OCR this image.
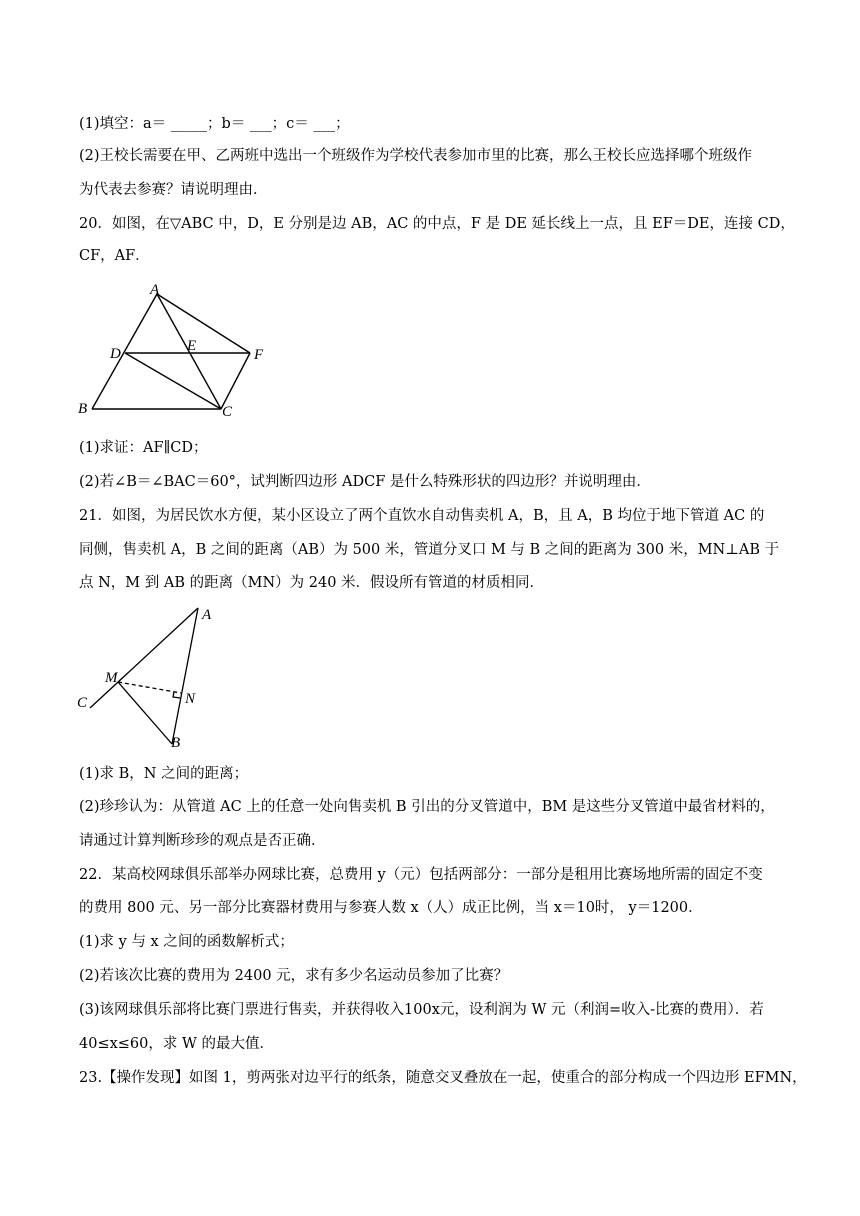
(1)填空：a＝ _____；b＝ ___；c＝ ___；
(2)王校长需要在甲、乙两班中选出一个班级作为学校代表参加市里的比赛，那么王校长应选择哪个班级作
为代表去参赛？请说明理由．
20．如图，在▽ABC 中，D，E 分别是边 AB，AC 的中点，F 是 DE 延长线上一点，且 EF＝DE，连接 CD，
CF，AF．
A
D	E
F
B	C
(1)求证：AF∥CD；
(2)若∠B＝∠BAC＝60°，试判断四边形 ADCF 是什么特殊形状的四边形？并说明理由．
21．如图，为居民饮水方便，某小区设立了两个直饮水自动售卖机 A，B，且 A，B 均位于地下管道 AC 的
同侧，售卖机 A，B 之间的距离（AB）为 500 米，管道分叉口 M 与 B 之间的距离为 300 米，MN⊥AB 于
点 N，M 到 AB 的距离（MN）为 240 米．假设所有管道的材质相同．
A
M
N
C
B
(1)求 B，N 之间的距离；
(2)珍珍认为：从管道 AC 上的任意一处向售卖机 B 引出的分叉管道中，BM 是这些分叉管道中最省材料的，
请通过计算判断珍珍的观点是否正确．
22．某高校网球俱乐部举办网球比赛，总费用 y（元）包括两部分：一部分是租用比赛场地所需的固定不变
的费用 800 元、另一部分比赛器材费用与参赛人数 x（人）成正比例，当 x＝10时， y＝1200．
(1)求 y 与 x 之间的函数解析式；
(2)若该次比赛的费用为 2400 元，求有多少名运动员参加了比赛？
(3)该网球俱乐部将比赛门票进行售卖，并获得收入100x元，设利润为 W 元（利润=收入-比赛的费用）．若
40≤x≤60，求 W 的最大值．
23.【操作发现】如图 1，剪两张对边平行的纸条，随意交叉叠放在一起，使重合的部分构成一个四边形 EFMN，
